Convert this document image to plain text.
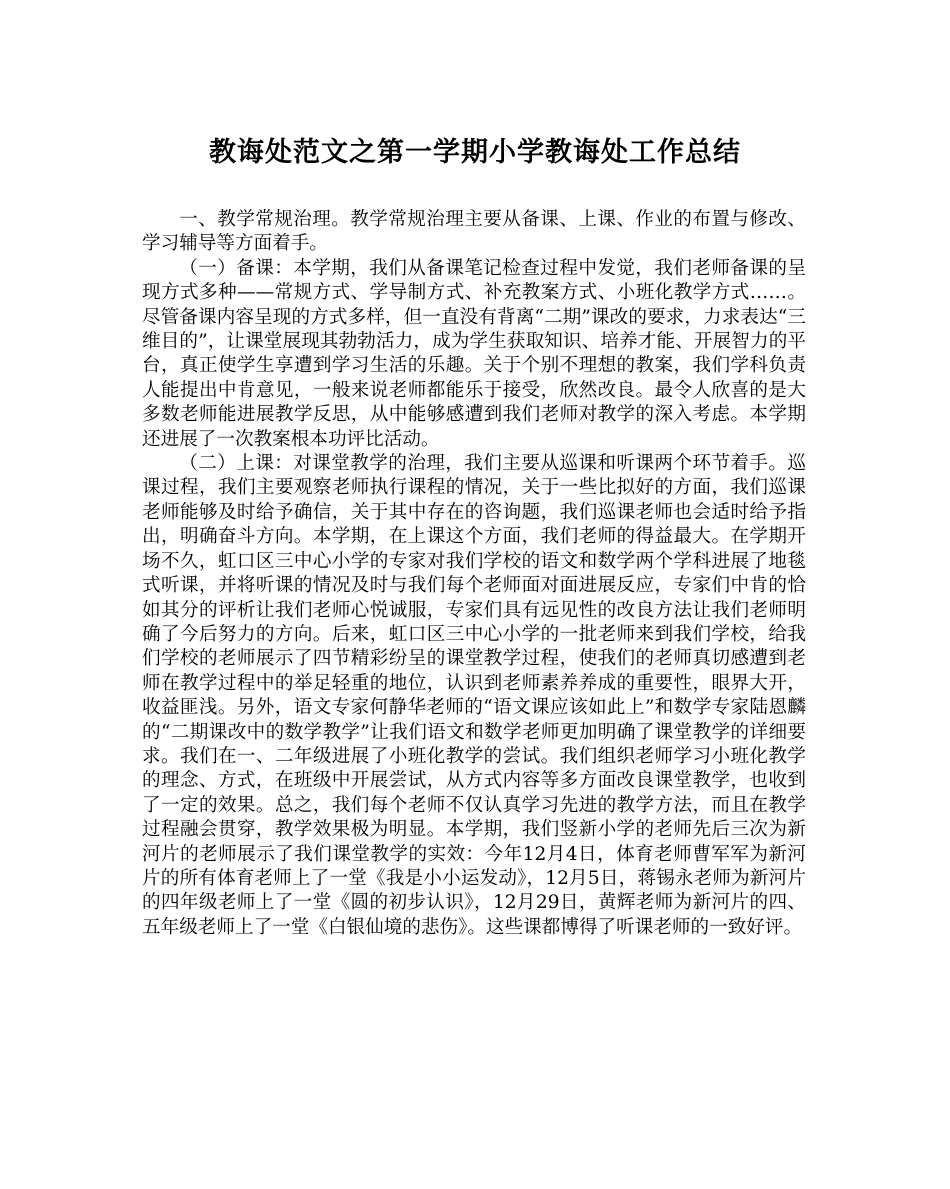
教诲处范文之第一学期小学教诲处工作总结

一、教学常规治理。教学常规治理主要从备课、上课、作业的布置与修改、学习辅导等方面着手。

（一）备课：本学期，我们从备课笔记检查过程中发觉，我们老师备课的呈现方式多种——常规方式、学导制方式、补充教案方式、小班化教学方式……。尽管备课内容呈现的方式多样，但一直没有背离“二期”课改的要求，力求表达“三维目的”，让课堂展现其勃勃活力，成为学生获取知识、培养才能、开展智力的平台，真正使学生享遭到学习生活的乐趣。关于个别不理想的教案，我们学科负责人能提出中肯意见，一般来说老师都能乐于接受，欣然改良。最令人欣喜的是大多数老师能进展教学反思，从中能够感遭到我们老师对教学的深入考虑。本学期还进展了一次教案根本功评比活动。

（二）上课：对课堂教学的治理，我们主要从巡课和听课两个环节着手。巡课过程，我们主要观察老师执行课程的情况，关于一些比拟好的方面，我们巡课老师能够及时给予确信，关于其中存在的咨询题，我们巡课老师也会适时给予指出，明确奋斗方向。本学期，在上课这个方面，我们老师的得益最大。在学期开场不久，虹口区三中心小学的专家对我们学校的语文和数学两个学科进展了地毯式听课，并将听课的情况及时与我们每个老师面对面进展反应，专家们中肯的恰如其分的评析让我们老师心悦诚服，专家们具有远见性的改良方法让我们老师明确了今后努力的方向。后来，虹口区三中心小学的一批老师来到我们学校，给我们学校的老师展示了四节精彩纷呈的课堂教学过程，使我们的老师真切感遭到老师在教学过程中的举足轻重的地位，认识到老师素养养成的重要性，眼界大开，收益匪浅。另外，语文专家何静华老师的“语文课应该如此上”和数学专家陆恩麟的“二期课改中的数学教学”让我们语文和数学老师更加明确了课堂教学的详细要求。我们在一、二年级进展了小班化教学的尝试。我们组织老师学习小班化教学的理念、方式，在班级中开展尝试，从方式内容等多方面改良课堂教学，也收到了一定的效果。总之，我们每个老师不仅认真学习先进的教学方法，而且在教学过程融会贯穿，教学效果极为明显。本学期，我们竖新小学的老师先后三次为新河片的老师展示了我们课堂教学的实效：今年12月4日，体育老师曹军军为新河片的所有体育老师上了一堂《我是小小运发动》，12月5日，蒋锡永老师为新河片的四年级老师上了一堂《圆的初步认识》，12月29日，黄辉老师为新河片的四、五年级老师上了一堂《白银仙境的悲伤》。这些课都博得了听课老师的一致好评。
